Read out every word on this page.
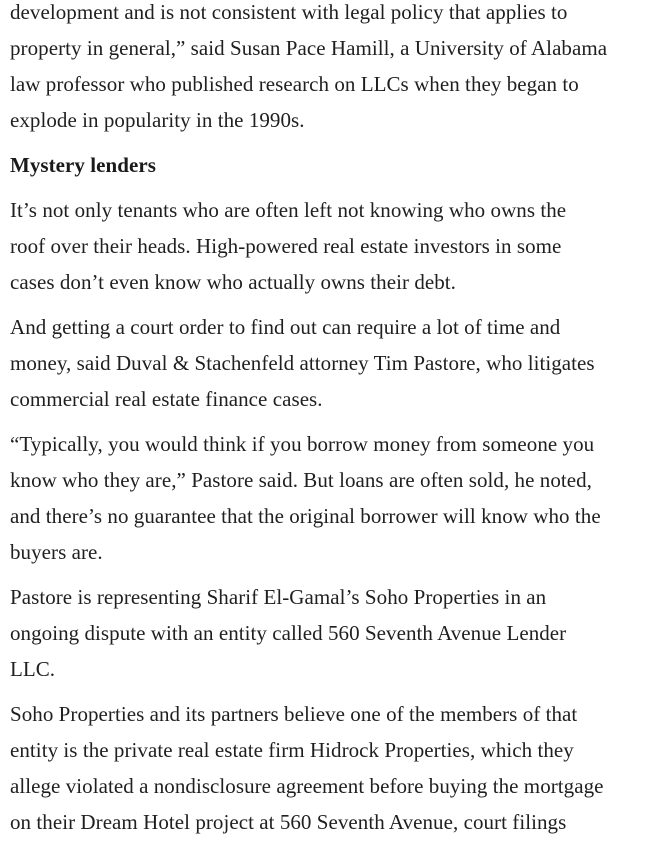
development and is not consistent with legal policy that applies to
property in general,” said Susan Pace Hamill, a University of Alabama
law professor who published research on LLCs when they began to
explode in popularity in the 1990s.

Mystery lenders

It’s not only tenants who are often left not knowing who owns the
roof over their heads. High-powered real estate investors in some
cases don’t even know who actually owns their debt.

And getting a court order to find out can require a lot of time and
money, said Duval & Stachenfeld attorney Tim Pastore, who litigates
commercial real estate finance cases.

“Typically, you would think if you borrow money from someone you
know who they are,” Pastore said. But loans are often sold, he noted,
and there’s no guarantee that the original borrower will know who the
buyers are.

Pastore is representing Sharif El-Gamal’s Soho Properties in an
ongoing dispute with an entity called 560 Seventh Avenue Lender
LLC.

Soho Properties and its partners believe one of the members of that
entity is the private real estate firm Hidrock Properties, which they
allege violated a nondisclosure agreement before buying the mortgage
on their Dream Hotel project at 560 Seventh Avenue, court filings
